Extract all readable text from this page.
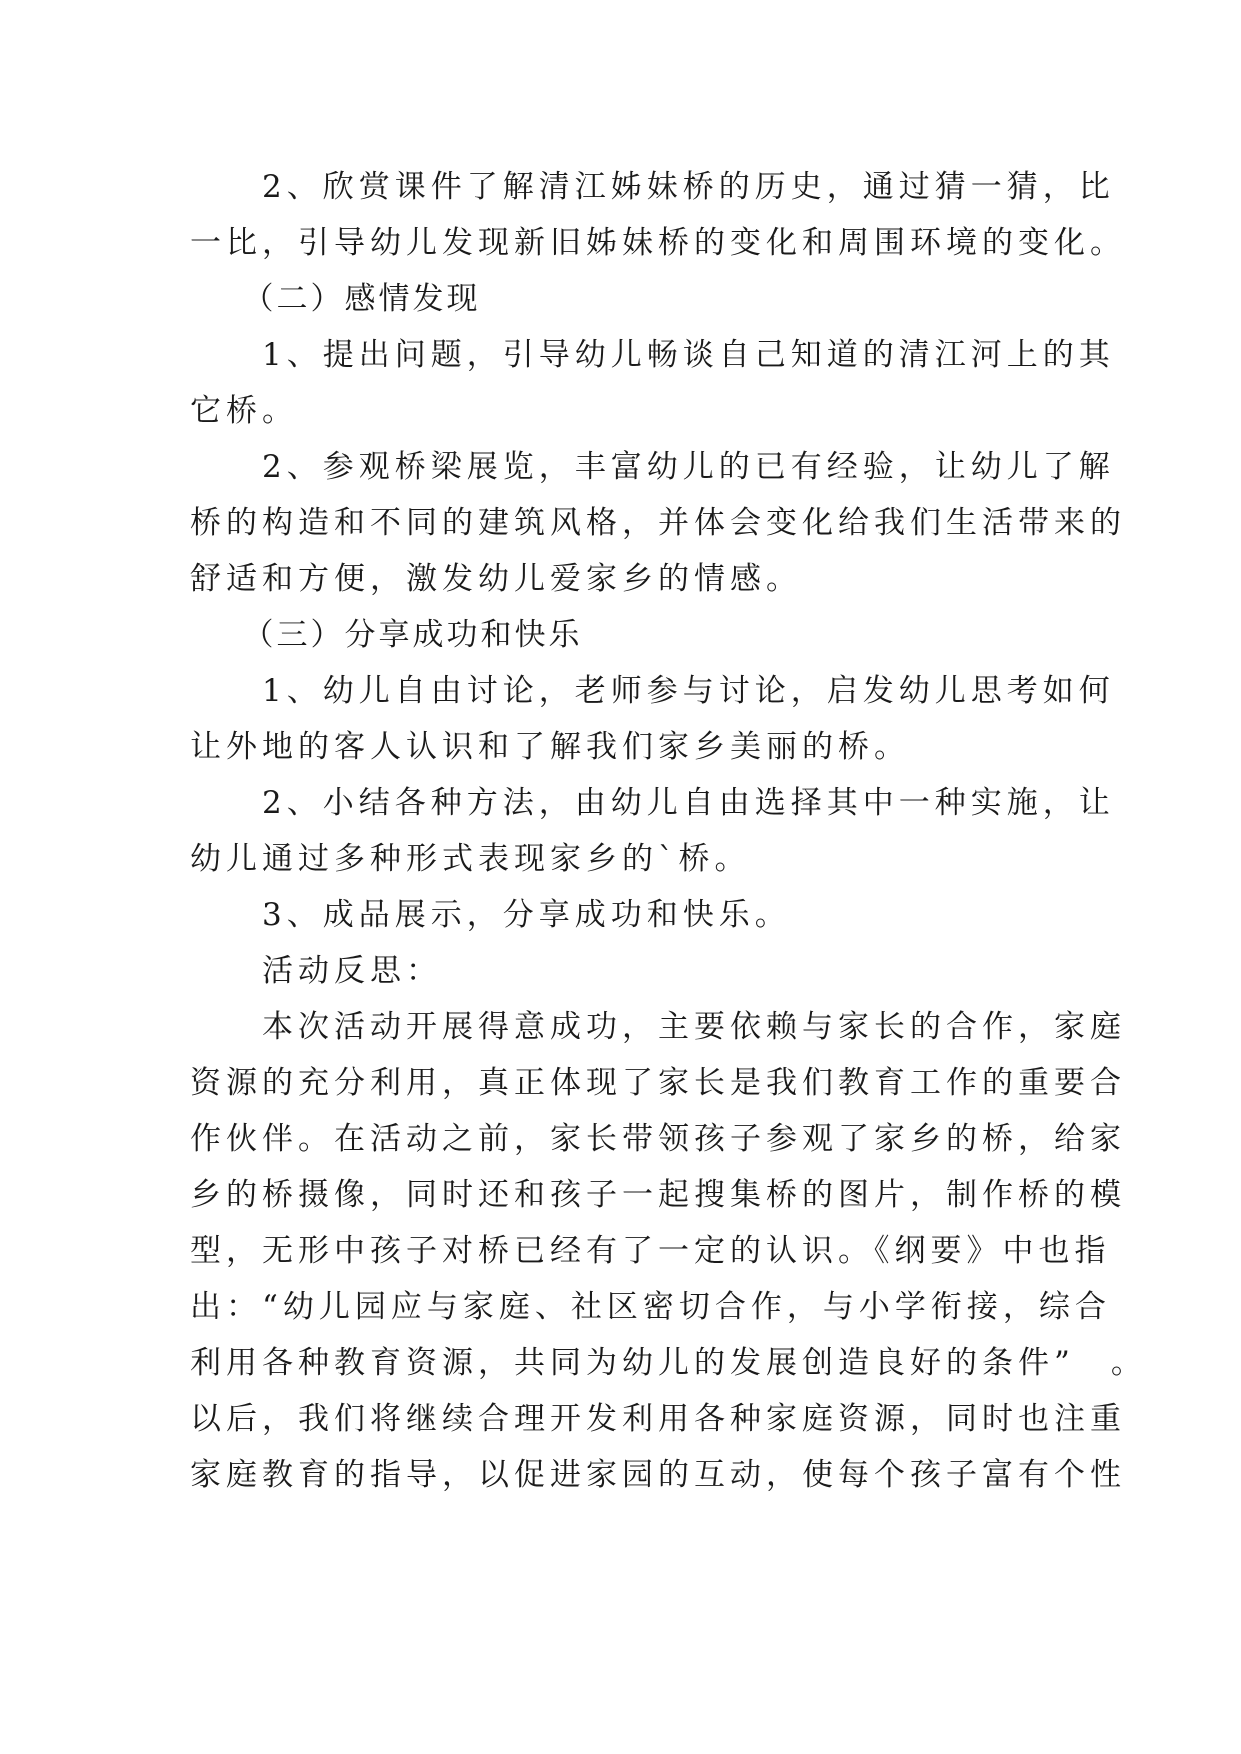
　　2、欣赏课件了解清江姊妹桥的历史，通过猜一猜，比
一比，引导幼儿发现新旧姊妹桥的变化和周围环境的变化。
　　（二）感情发现
　　1、提出问题，引导幼儿畅谈自己知道的清江河上的其
它桥。
　　2、参观桥梁展览，丰富幼儿的已有经验，让幼儿了解
桥的构造和不同的建筑风格，并体会变化给我们生活带来的
舒适和方便，激发幼儿爱家乡的情感。
　　（三）分享成功和快乐
　　1、幼儿自由讨论，老师参与讨论，启发幼儿思考如何
让外地的客人认识和了解我们家乡美丽的桥。
　　2、小结各种方法，由幼儿自由选择其中一种实施，让
幼儿通过多种形式表现家乡的`桥。
　　3、成品展示，分享成功和快乐。
　　活动反思：
　　本次活动开展得意成功，主要依赖与家长的合作，家庭
资源的充分利用，真正体现了家长是我们教育工作的重要合
作伙伴。在活动之前，家长带领孩子参观了家乡的桥，给家
乡的桥摄像，同时还和孩子一起搜集桥的图片，制作桥的模
型，无形中孩子对桥已经有了一定的认识。《纲要》中也指
出：“幼儿园应与家庭、社区密切合作，与小学衔接，综合
利用各种教育资源，共同为幼儿的发展创造良好的条件”　。
以后，我们将继续合理开发利用各种家庭资源，同时也注重
家庭教育的指导，以促进家园的互动，使每个孩子富有个性
